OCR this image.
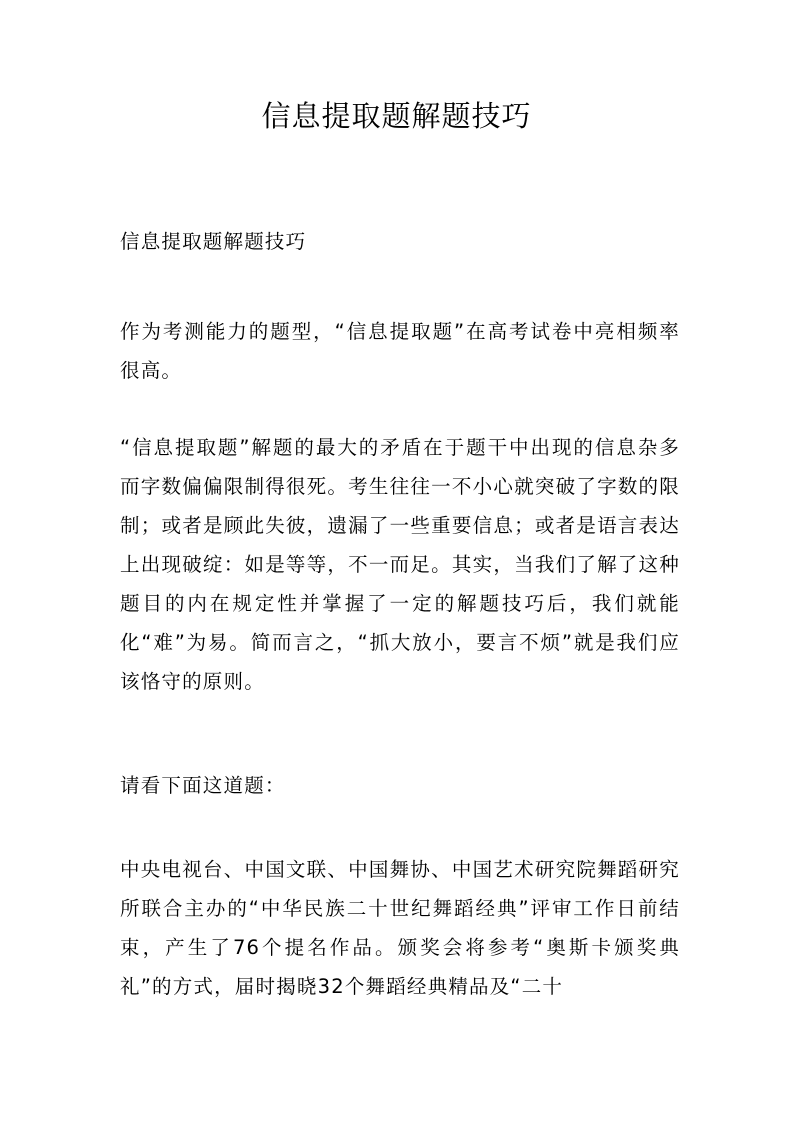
信息提取题解题技巧

信息提取题解题技巧

作为考测能力的题型，“信息提取题”在高考试卷中亮相频率很高。

“信息提取题”解题的最大的矛盾在于题干中出现的信息杂多而字数偏偏限制得很死。考生往往一不小心就突破了字数的限制；或者是顾此失彼，遗漏了一些重要信息；或者是语言表达上出现破绽：如是等等，不一而足。其实，当我们了解了这种题目的内在规定性并掌握了一定的解题技巧后，我们就能化“难”为易。简而言之，“抓大放小，要言不烦”就是我们应该恪守的原则。

请看下面这道题：

中央电视台、中国文联、中国舞协、中国艺术研究院舞蹈研究所联合主办的“中华民族二十世纪舞蹈经典”评审工作日前结束，产生了76个提名作品。颁奖会将参考“奥斯卡颁奖典礼”的方式，届时揭晓32个舞蹈经典精品及“二十
